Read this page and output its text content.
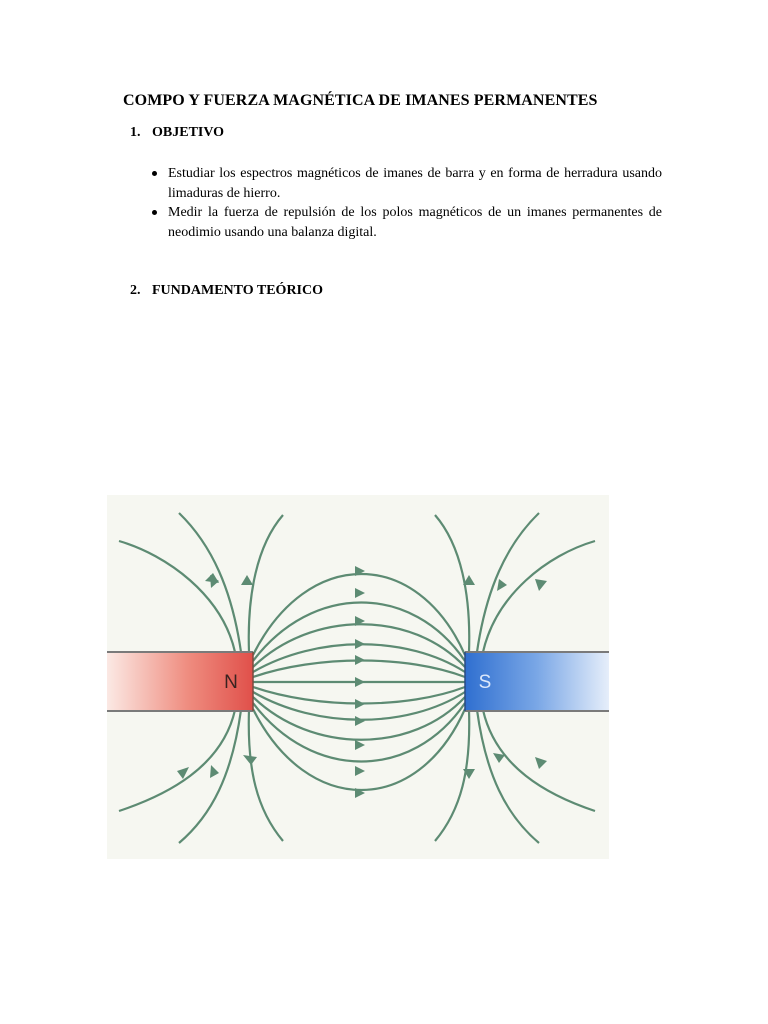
COMPO Y FUERZA MAGNÉTICA DE IMANES PERMANENTES
1. OBJETIVO
Estudiar los espectros magnéticos de imanes de barra y en forma de herradura usando limaduras de hierro.
Medir la fuerza de repulsión de los polos magnéticos de un imanes permanentes de neodimio usando una balanza digital.
2. FUNDAMENTO TEÓRICO
N	S
